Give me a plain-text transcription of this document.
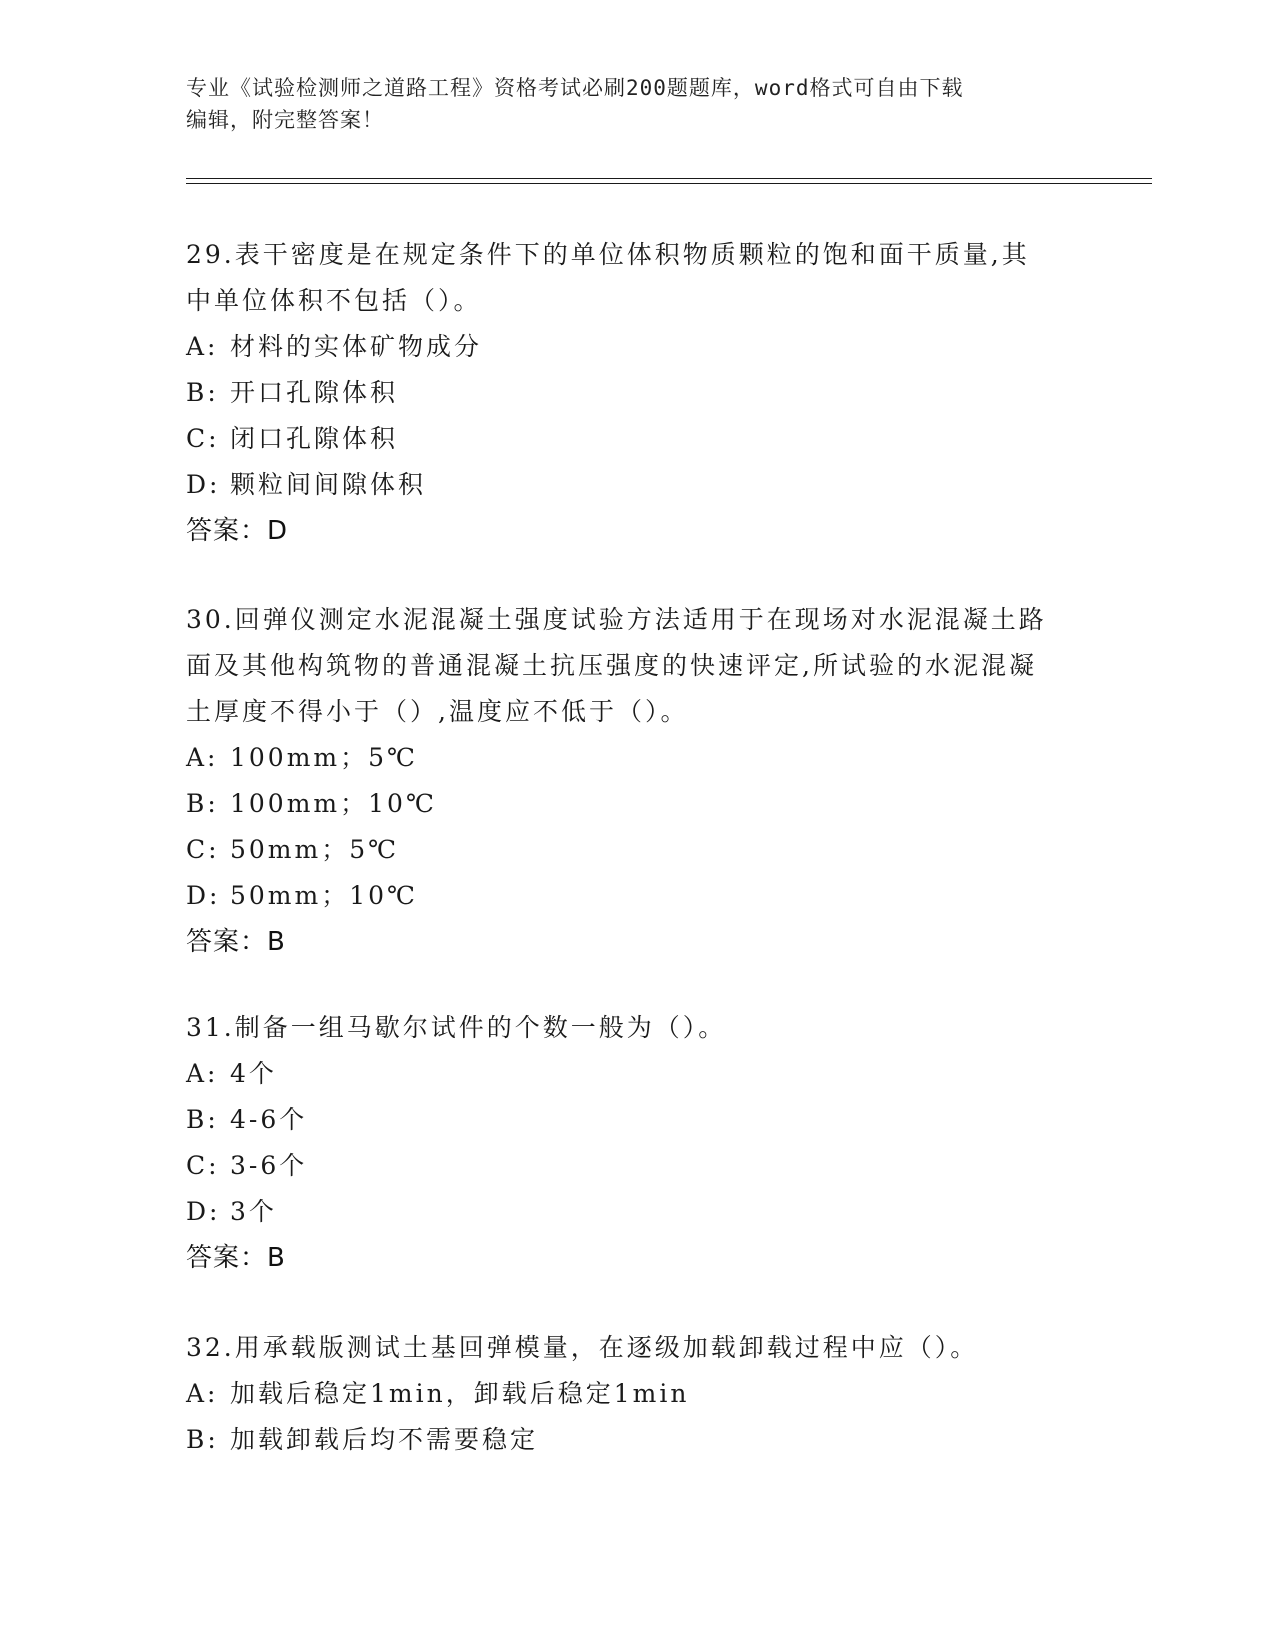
专业《试验检测师之道路工程》资格考试必刷200题题库，word格式可自由下载
编辑，附完整答案！

29.表干密度是在规定条件下的单位体积物质颗粒的饱和面干质量,其

中单位体积不包括（）。

A: 材料的实体矿物成分

B: 开口孔隙体积

C: 闭口孔隙体积

D: 颗粒间间隙体积

答案：D

30.回弹仪测定水泥混凝土强度试验方法适用于在现场对水泥混凝土路

面及其他构筑物的普通混凝土抗压强度的快速评定,所试验的水泥混凝

土厚度不得小于（）,温度应不低于（）。

A: 100mm；5℃

B: 100mm；10℃

C: 50mm；5℃

D: 50mm；10℃

答案：B

31.制备一组马歇尔试件的个数一般为（）。

A: 4个

B: 4-6个

C: 3-6个

D: 3个

答案：B

32.用承载版测试土基回弹模量，在逐级加载卸载过程中应（）。

A: 加载后稳定1min，卸载后稳定1min

B: 加载卸载后均不需要稳定
